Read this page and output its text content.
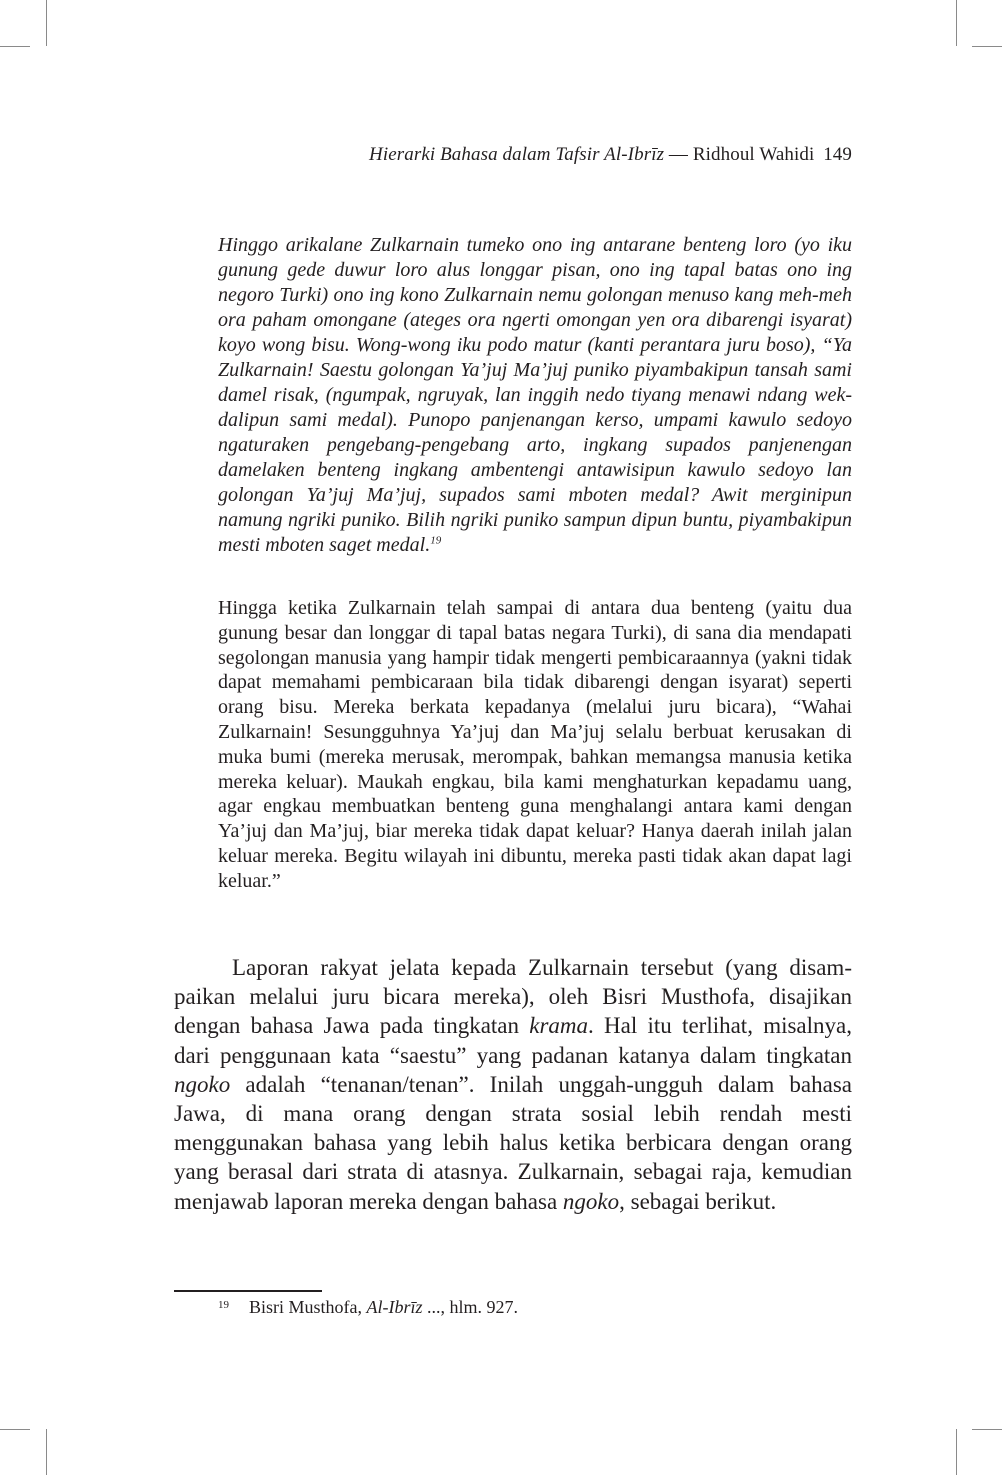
Hierarki Bahasa dalam Tafsir Al-Ibrīz — Ridhoul Wahidi 149
Hinggo arikalane Zulkarnain tumeko ono ing antarane benteng loro (yo iku gunung gede duwur loro alus longgar pisan, ono ing tapal batas ono ing negoro Turki) ono ing kono Zulkarnain nemu golongan menuso kang meh-meh ora paham omongane (ateges ora ngerti omongan yen ora dibarengi isyarat) koyo wong bisu. Wong-wong iku podo matur (kanti perantara juru boso), “Ya Zulkarnain! Saestu golongan Ya’juj Ma’juj puniko piyambakipun tansah sami damel risak, (ngumpak, ngruyak, lan inggih nedo tiyang menawi ndang wekdalipun sami medal). Punopo panjenangan kerso, umpami kawulo sedoyo ngaturaken pengebang-pengebang arto, ingkang supados panjenengan damelaken benteng ingkang ambentengi antawisipun kawulo sedoyo lan golongan Ya’juj Ma’juj, supados sami mboten medal? Awit merginipun namung ngriki puniko. Bilih ngriki puniko sampun dipun buntu, piyambakipun mesti mboten saget medal.$^{19}$
Hingga ketika Zulkarnain telah sampai di antara dua benteng (yaitu dua gunung besar dan longgar di tapal batas negara Turki), di sana dia mendapati segolongan manusia yang hampir tidak mengerti pembicaraannya (yakni tidak dapat memahami pembicaraan bila tidak dibarengi dengan isyarat) seperti orang bisu. Mereka berkata kepadanya (melalui juru bicara), “Wahai Zulkarnain! Sesungguhnya Ya’juj dan Ma’juj selalu berbuat kerusakan di muka bumi (mereka merusak, merompak, bahkan memangsa manusia ketika mereka keluar). Maukah engkau, bila kami menghaturkan kepadamu uang, agar engkau membuatkan benteng guna menghalangi antara kami dengan Ya’juj dan Ma’juj, biar mereka tidak dapat keluar? Hanya daerah inilah jalan keluar mereka. Begitu wilayah ini dibuntu, mereka pasti tidak akan dapat lagi keluar.”
Laporan rakyat jelata kepada Zulkarnain tersebut (yang disampaikan melalui juru bicara mereka), oleh Bisri Musthofa, disajikan dengan bahasa Jawa pada tingkatan krama. Hal itu terlihat, misalnya, dari penggunaan kata “saestu” yang padanan katanya dalam tingkatan ngoko adalah “tenanan/tenan”. Inilah unggah-ungguh dalam bahasa Jawa, di mana orang dengan strata sosial lebih rendah mesti menggunakan bahasa yang lebih halus ketika berbicara dengan orang yang berasal dari strata di atasnya. Zulkarnain, sebagai raja, kemudian menjawab laporan mereka dengan bahasa ngoko, sebagai berikut.
$^{19}$ Bisri Musthofa, Al-Ibrīz ..., hlm. 927.
